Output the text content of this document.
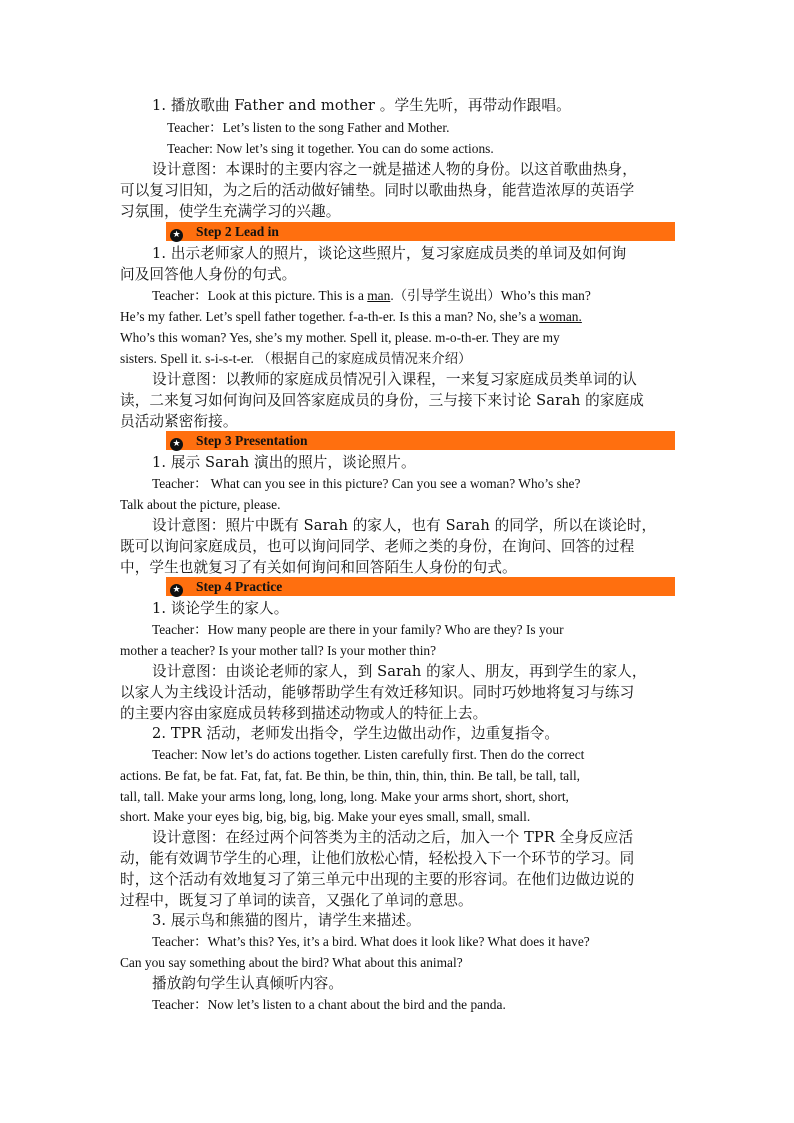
1. 播放歌曲 Father and mother 。学生先听，再带动作跟唱。
Teacher：Let’s listen to the song Father and Mother.
Teacher: Now let’s sing it together. You can do some actions.
设计意图：本课时的主要内容之一就是描述人物的身份。以这首歌曲热身，
可以复习旧知，为之后的活动做好铺垫。同时以歌曲热身，能营造浓厚的英语学
习氛围，使学生充满学习的兴趣。
★ Step 2 Lead in
1. 出示老师家人的照片，谈论这些照片，复习家庭成员类的单词及如何询
问及回答他人身份的句式。
Teacher：Look at this picture. This is a man.（引导学生说出）Who’s this man?
He’s my father. Let’s spell father together. f-a-th-er. Is this a man? No, she’s a woman.
Who’s this woman? Yes, she’s my mother. Spell it, please. m-o-th-er. They are my
sisters. Spell it. s-i-s-t-er. （根据自己的家庭成员情况来介绍）
设计意图：以教师的家庭成员情况引入课程，一来复习家庭成员类单词的认
读，二来复习如何询问及回答家庭成员的身份，三与接下来讨论 Sarah 的家庭成
员活动紧密衔接。
★ Step 3 Presentation
1. 展示 Sarah 演出的照片，谈论照片。
Teacher： What can you see in this picture? Can you see a woman? Who’s she?
Talk about the picture, please.
设计意图：照片中既有 Sarah 的家人，也有 Sarah 的同学，所以在谈论时，
既可以询问家庭成员，也可以询问同学、老师之类的身份，在询问、回答的过程
中，学生也就复习了有关如何询问和回答陌生人身份的句式。
★ Step 4 Practice
1. 谈论学生的家人。
Teacher：How many people are there in your family? Who are they? Is your
mother a teacher? Is your mother tall? Is your mother thin?
设计意图：由谈论老师的家人，到 Sarah 的家人、朋友，再到学生的家人，
以家人为主线设计活动，能够帮助学生有效迁移知识。同时巧妙地将复习与练习
的主要内容由家庭成员转移到描述动物或人的特征上去。
2. TPR 活动，老师发出指令，学生边做出动作，边重复指令。
Teacher: Now let’s do actions together. Listen carefully first. Then do the correct
actions. Be fat, be fat. Fat, fat, fat. Be thin, be thin, thin, thin, thin. Be tall, be tall, tall,
tall, tall. Make your arms long, long, long, long. Make your arms short, short, short,
short. Make your eyes big, big, big, big. Make your eyes small, small, small.
设计意图：在经过两个问答类为主的活动之后，加入一个 TPR 全身反应活
动，能有效调节学生的心理，让他们放松心情，轻松投入下一个环节的学习。同
时，这个活动有效地复习了第三单元中出现的主要的形容词。在他们边做边说的
过程中，既复习了单词的读音，又强化了单词的意思。
3. 展示鸟和熊猫的图片，请学生来描述。
Teacher：What’s this? Yes, it’s a bird. What does it look like? What does it have?
Can you say something about the bird? What about this animal?
播放韵句学生认真倾听内容。
Teacher：Now let’s listen to a chant about the bird and the panda.
